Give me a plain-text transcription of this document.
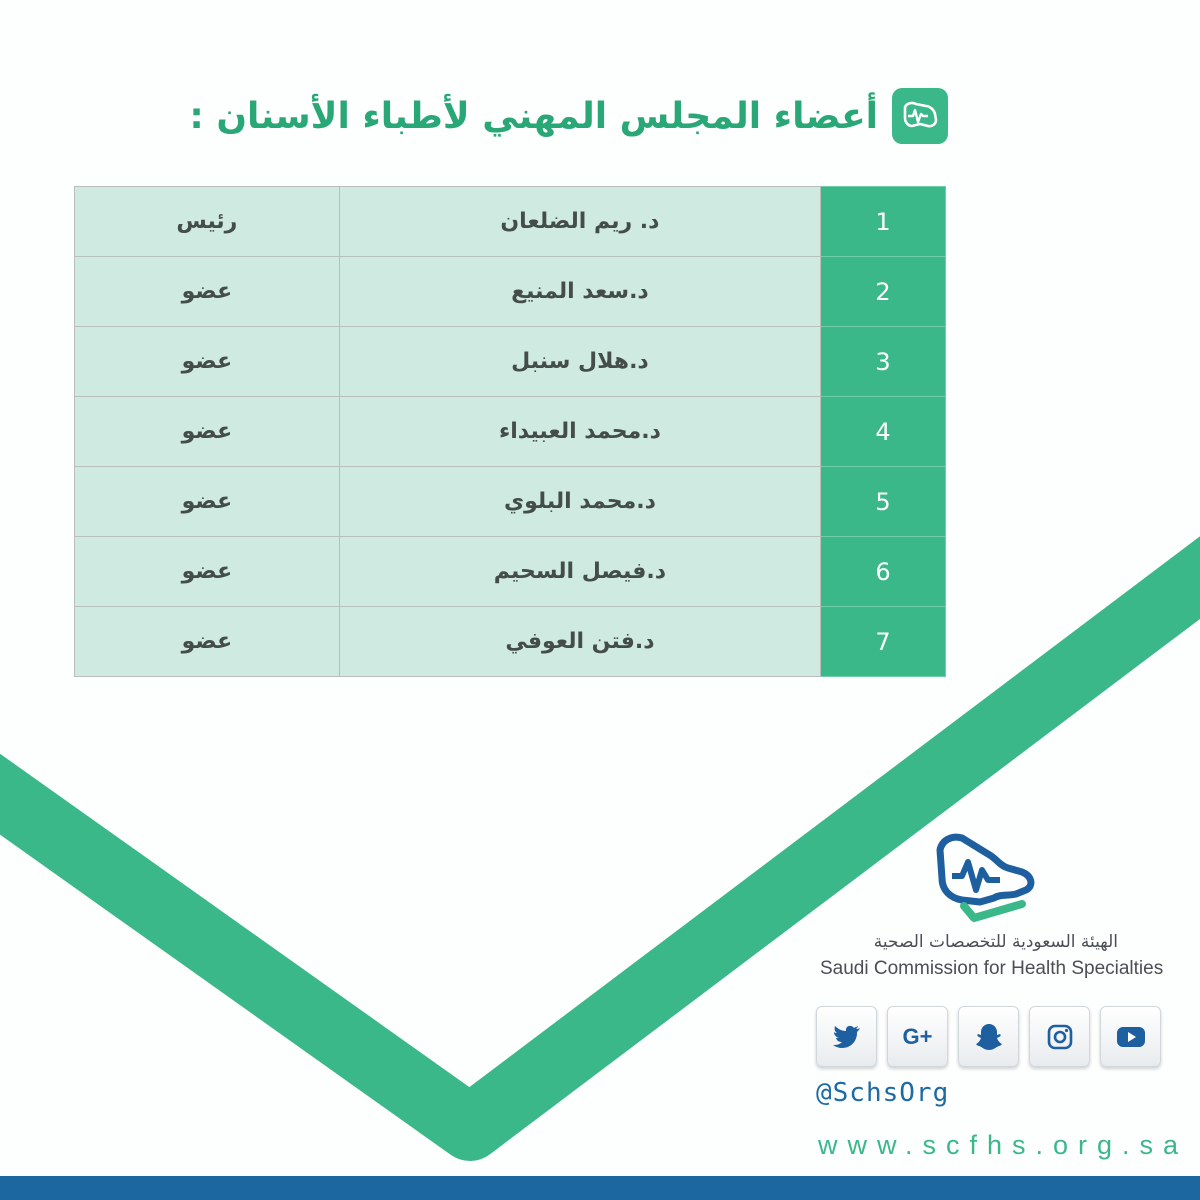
أعضاء المجلس المهني لأطباء الأسنان :
رئيس	د. ريم الضلعان	1
عضو	د.سعد المنيع	2
عضو	د.هلال سنبل	3
عضو	د.محمد العبيداء	4
عضو	د.محمد البلوي	5
عضو	د.فيصل السحيم	6
عضو	د.فتن العوفي	7
الهيئة السعودية للتخصصات الصحية
Saudi Commission for Health Specialties
G+
@SchsOrg
www.scfhs.org.sa
